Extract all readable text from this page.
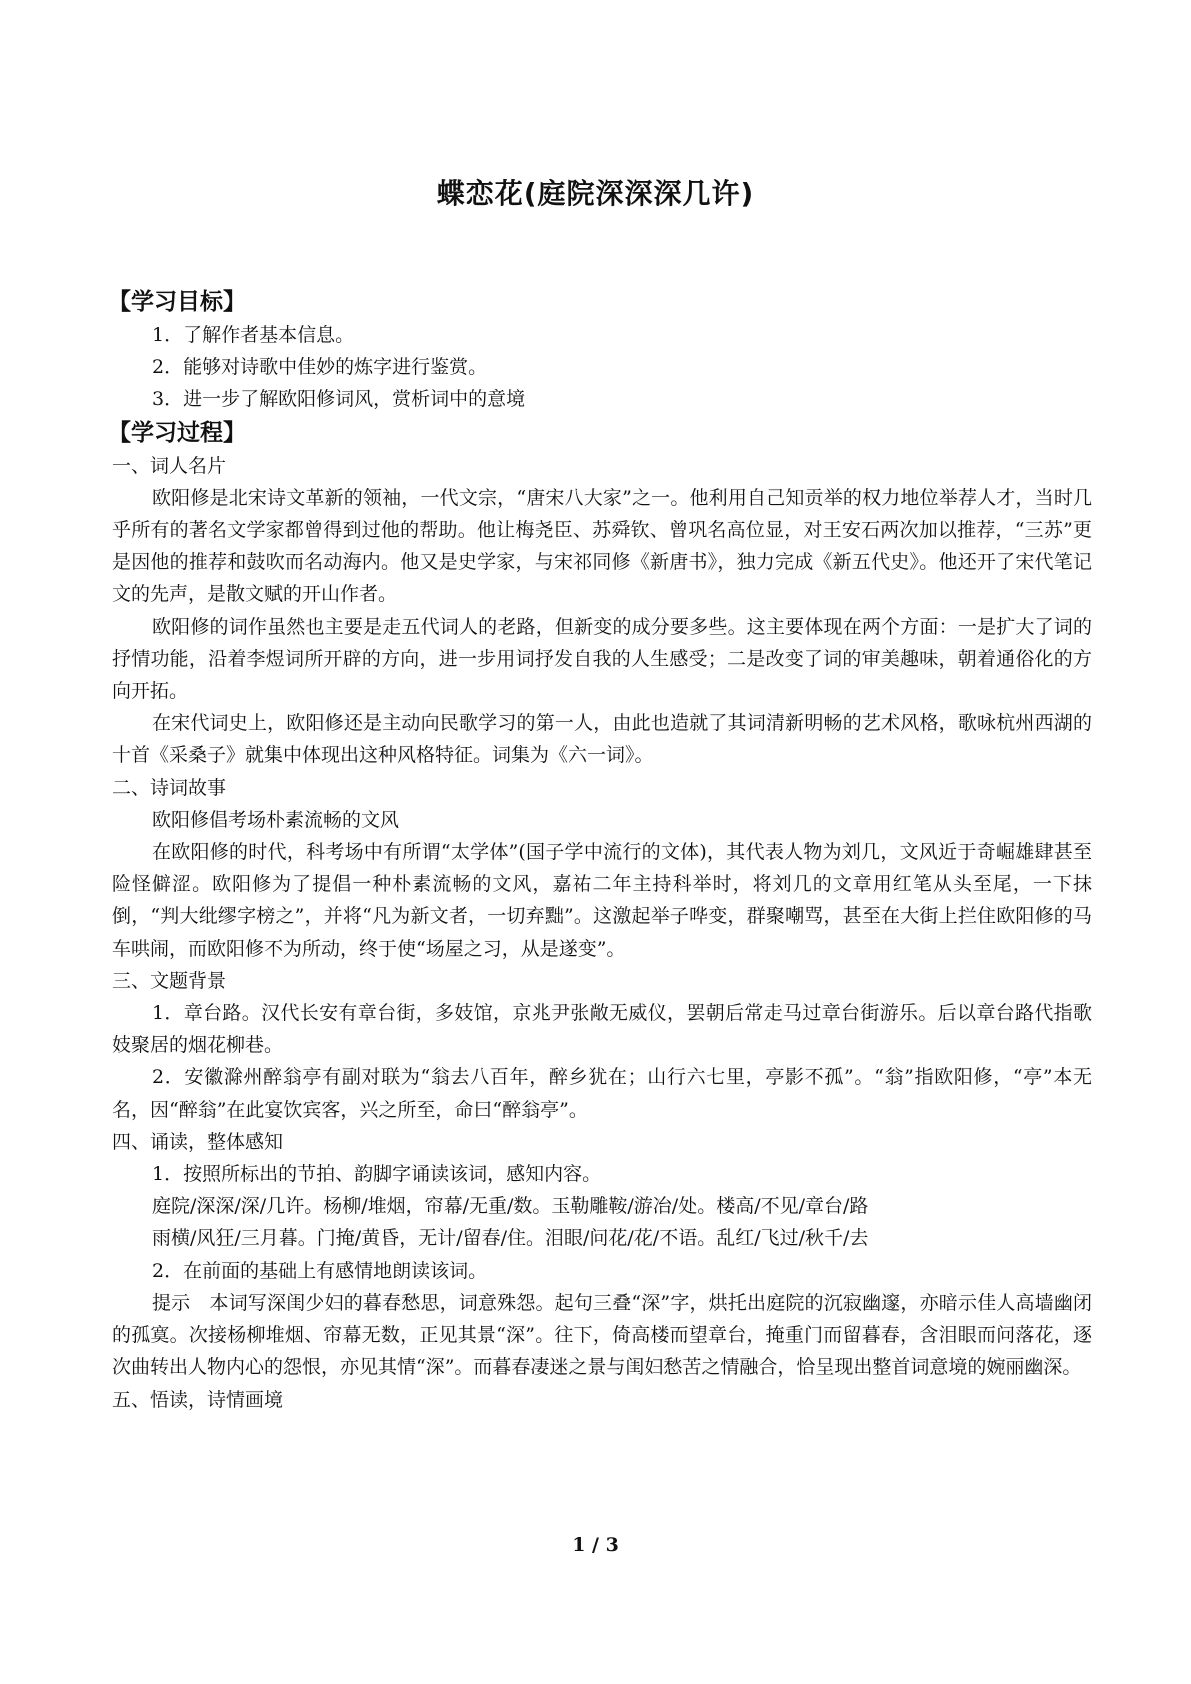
蝶恋花(庭院深深深几许)
【学习目标】
1．了解作者基本信息。
2．能够对诗歌中佳妙的炼字进行鉴赏。
3．进一步了解欧阳修词风，赏析词中的意境
【学习过程】
一、词人名片
欧阳修是北宋诗文革新的领袖，一代文宗，“唐宋八大家”之一。他利用自己知贡举的权力地位举荐人才，当时几乎所有的著名文学家都曾得到过他的帮助。他让梅尧臣、苏舜钦、曾巩名高位显，对王安石两次加以推荐，“三苏”更是因他的推荐和鼓吹而名动海内。他又是史学家，与宋祁同修《新唐书》，独力完成《新五代史》。他还开了宋代笔记文的先声，是散文赋的开山作者。
欧阳修的词作虽然也主要是走五代词人的老路，但新变的成分要多些。这主要体现在两个方面：一是扩大了词的抒情功能，沿着李煜词所开辟的方向，进一步用词抒发自我的人生感受；二是改变了词的审美趣味，朝着通俗化的方向开拓。
在宋代词史上，欧阳修还是主动向民歌学习的第一人，由此也造就了其词清新明畅的艺术风格，歌咏杭州西湖的十首《采桑子》就集中体现出这种风格特征。词集为《六一词》。
二、诗词故事
欧阳修倡考场朴素流畅的文风
在欧阳修的时代，科考场中有所谓“太学体”(国子学中流行的文体)，其代表人物为刘几，文风近于奇崛雄肆甚至险怪僻涩。欧阳修为了提倡一种朴素流畅的文风，嘉祐二年主持科举时，将刘几的文章用红笔从头至尾，一下抹倒，“判大纰缪字榜之”，并将“凡为新文者，一切弃黜”。这激起举子哗变，群聚嘲骂，甚至在大街上拦住欧阳修的马车哄闹，而欧阳修不为所动，终于使“场屋之习，从是遂变”。
三、文题背景
1．章台路。汉代长安有章台街，多妓馆，京兆尹张敞无威仪，罢朝后常走马过章台街游乐。后以章台路代指歌妓聚居的烟花柳巷。
2．安徽滁州醉翁亭有副对联为“翁去八百年，醉乡犹在；山行六七里，亭影不孤”。“翁”指欧阳修，“亭”本无名，因“醉翁”在此宴饮宾客，兴之所至，命曰“醉翁亭”。
四、诵读，整体感知
1．按照所标出的节拍、韵脚字诵读该词，感知内容。
庭院/深深/深/几许。杨柳/堆烟，帘幕/无重/数。玉勒雕鞍/游冶/处。楼高/不见/章台/路
雨横/风狂/三月暮。门掩/黄昏，无计/留春/住。泪眼/问花/花/不语。乱红/飞过/秋千/去
2．在前面的基础上有感情地朗读该词。
提示　本词写深闺少妇的暮春愁思，词意殊怨。起句三叠“深”字，烘托出庭院的沉寂幽邃，亦暗示佳人高墙幽闭的孤寞。次接杨柳堆烟、帘幕无数，正见其景“深”。往下，倚高楼而望章台，掩重门而留暮春，含泪眼而问落花，逐次曲转出人物内心的怨恨，亦见其情“深”。而暮春凄迷之景与闺妇愁苦之情融合，恰呈现出整首词意境的婉丽幽深。
五、悟读，诗情画境
1 / 3
